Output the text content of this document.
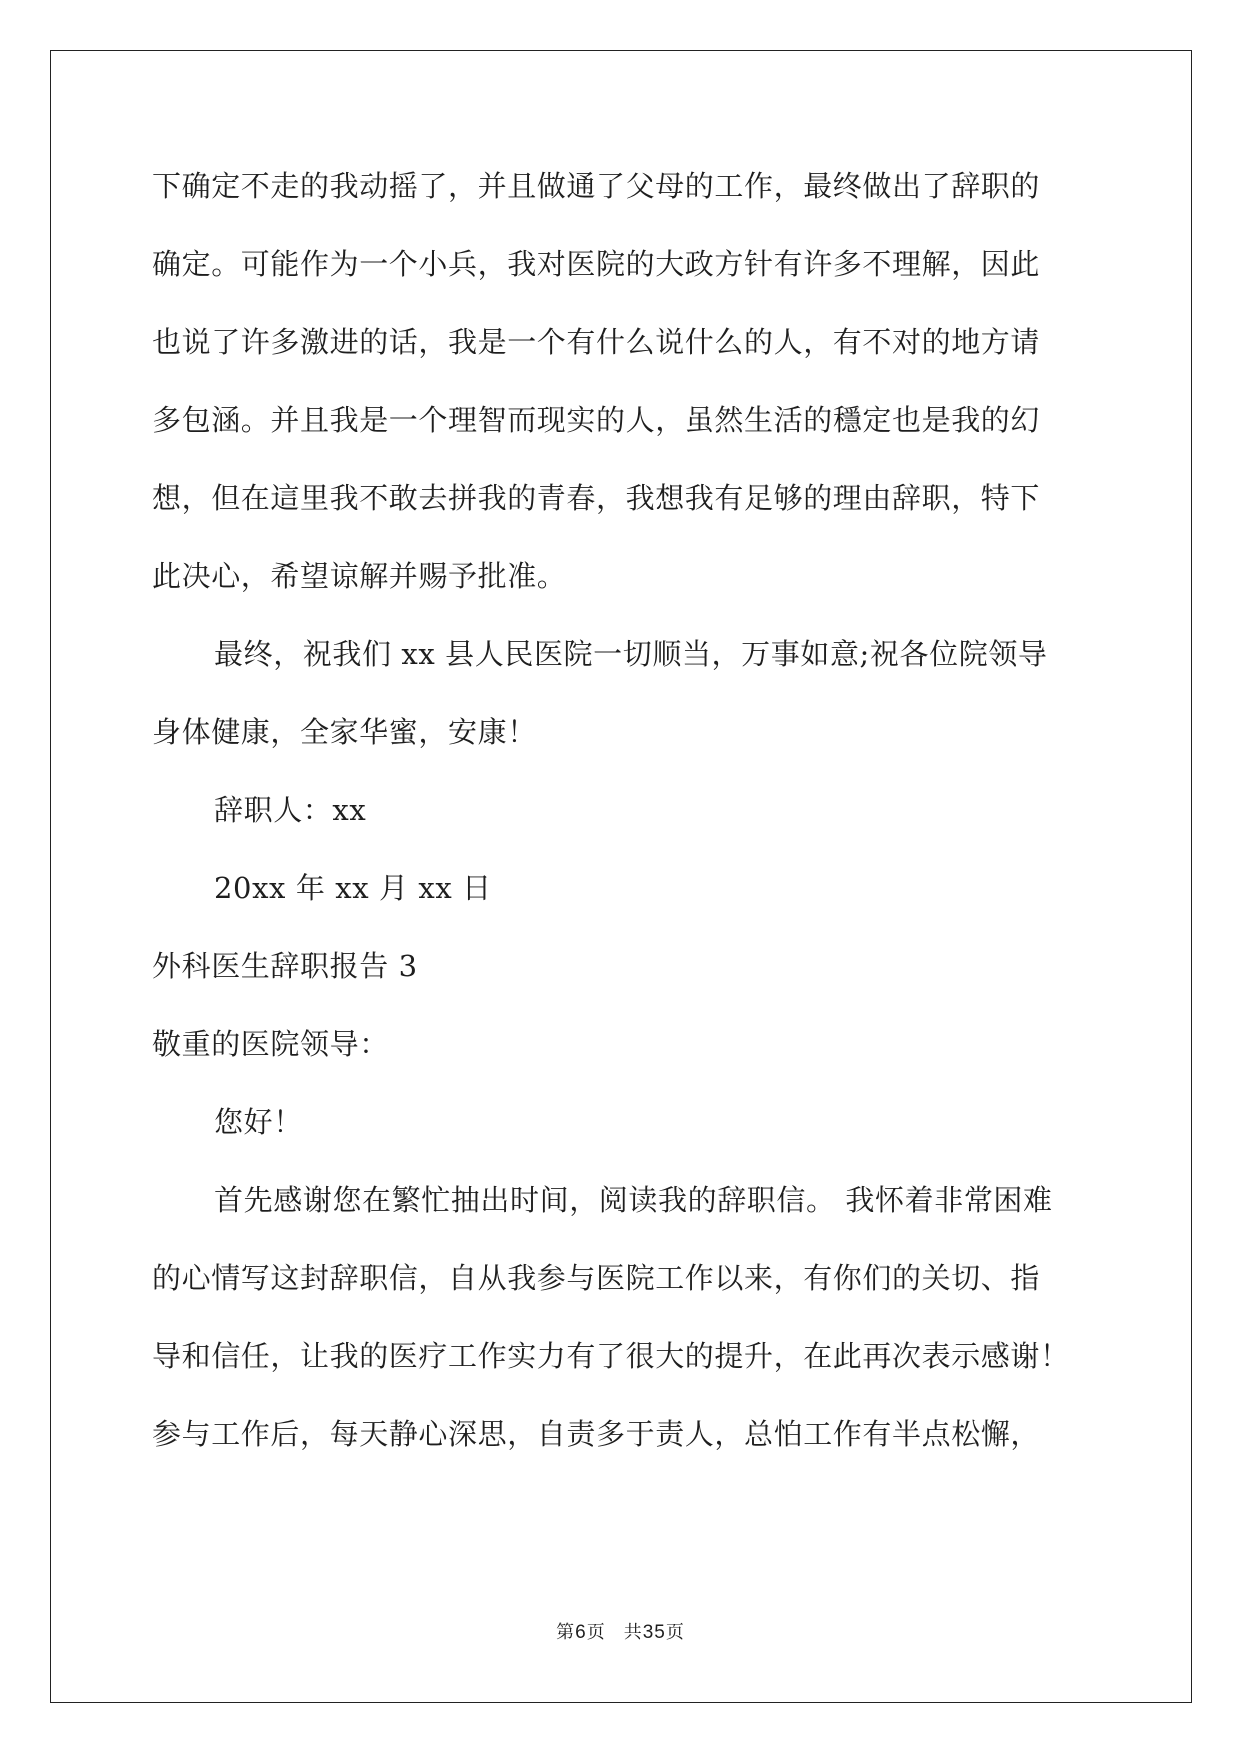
下确定不走的我动摇了，并且做通了父母的工作，最终做出了辞职的
确定。可能作为一个小兵，我对医院的大政方针有许多不理解，因此
也说了许多激进的话，我是一个有什么说什么的人，有不对的地方请
多包涵。并且我是一个理智而现实的人，虽然生活的穩定也是我的幻
想，但在這里我不敢去拼我的青春，我想我有足够的理由辞职，特下
此决心，希望谅解并赐予批准。
最终，祝我们 xx 县人民医院一切顺当，万事如意;祝各位院领导
身体健康，全家华蜜，安康！
辞职人：xx
20xx 年 xx 月 xx 日
外科医生辞职报告 3
敬重的医院领导：
您好！
首先感谢您在繁忙抽出时间，阅读我的辞职信。 我怀着非常困难
的心情写这封辞职信，自从我参与医院工作以来，有你们的关切、指
导和信任，让我的医疗工作实力有了很大的提升，在此再次表示感谢！
参与工作后，每天静心深思，自责多于责人，总怕工作有半点松懈，
第6页 共35页
